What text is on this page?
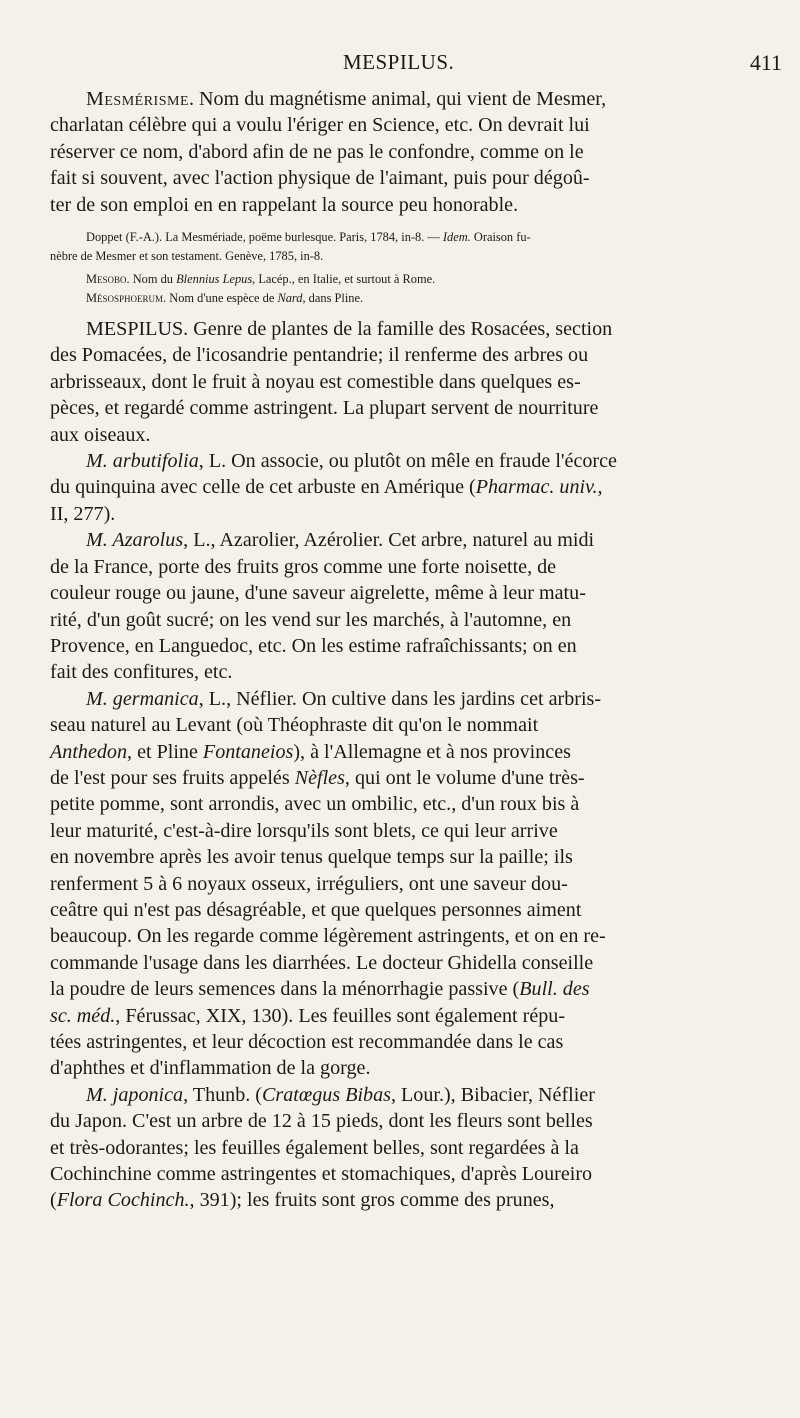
MESPILUS.	411

Mesmérisme. Nom du magnétisme animal, qui vient de Mesmer,
charlatan célèbre qui a voulu l'ériger en Science, etc. On devrait lui
réserver ce nom, d'abord afin de ne pas le confondre, comme on le
fait si souvent, avec l'action physique de l'aimant, puis pour dégoû-
ter de son emploi en en rappelant la source peu honorable.

Doppet (F.-A.). La Mesmériade, poëme burlesque. Paris, 1784, in-8. — Idem. Oraison fu-
nèbre de Mesmer et son testament. Genève, 1785, in-8.

Mesobo. Nom du Blennius Lepus, Lacép., en Italie, et surtout à Rome.
Mésosphoerum. Nom d'une espèce de Nard, dans Pline.

MESPILUS. Genre de plantes de la famille des Rosacées, section
des Pomacées, de l'icosandrie pentandrie; il renferme des arbres ou
arbrisseaux, dont le fruit à noyau est comestible dans quelques es-
pèces, et regardé comme astringent. La plupart servent de nourriture
aux oiseaux.

M. arbutifolia, L. On associe, ou plutôt on mêle en fraude l'écorce
du quinquina avec celle de cet arbuste en Amérique (Pharmac. univ.,
II, 277).

M. Azarolus, L., Azarolier, Azérolier. Cet arbre, naturel au midi
de la France, porte des fruits gros comme une forte noisette, de
couleur rouge ou jaune, d'une saveur aigrelette, même à leur matu-
rité, d'un goût sucré; on les vend sur les marchés, à l'automne, en
Provence, en Languedoc, etc. On les estime rafraîchissants; on en
fait des confitures, etc.

M. germanica, L., Néflier. On cultive dans les jardins cet arbris-
seau naturel au Levant (où Théophraste dit qu'on le nommait
Anthedon, et Pline Fontaneios), à l'Allemagne et à nos provinces
de l'est pour ses fruits appelés Nèfles, qui ont le volume d'une très-
petite pomme, sont arrondis, avec un ombilic, etc., d'un roux bis à
leur maturité, c'est-à-dire lorsqu'ils sont blets, ce qui leur arrive
en novembre après les avoir tenus quelque temps sur la paille; ils
renferment 5 à 6 noyaux osseux, irréguliers, ont une saveur dou-
ceâtre qui n'est pas désagréable, et que quelques personnes aiment
beaucoup. On les regarde comme légèrement astringents, et on en re-
commande l'usage dans les diarrhées. Le docteur Ghidella conseille
la poudre de leurs semences dans la ménorrhagie passive (Bull. des
sc. méd., Férussac, XIX, 130). Les feuilles sont également répu-
tées astringentes, et leur décoction est recommandée dans le cas
d'aphthes et d'inflammation de la gorge.

M. japonica, Thunb. (Cratœgus Bibas, Lour.), Bibacier, Néflier
du Japon. C'est un arbre de 12 à 15 pieds, dont les fleurs sont belles
et très-odorantes; les feuilles également belles, sont regardées à la
Cochinchine comme astringentes et stomachiques, d'après Loureiro
(Flora Cochinch., 391); les fruits sont gros comme des prunes,
